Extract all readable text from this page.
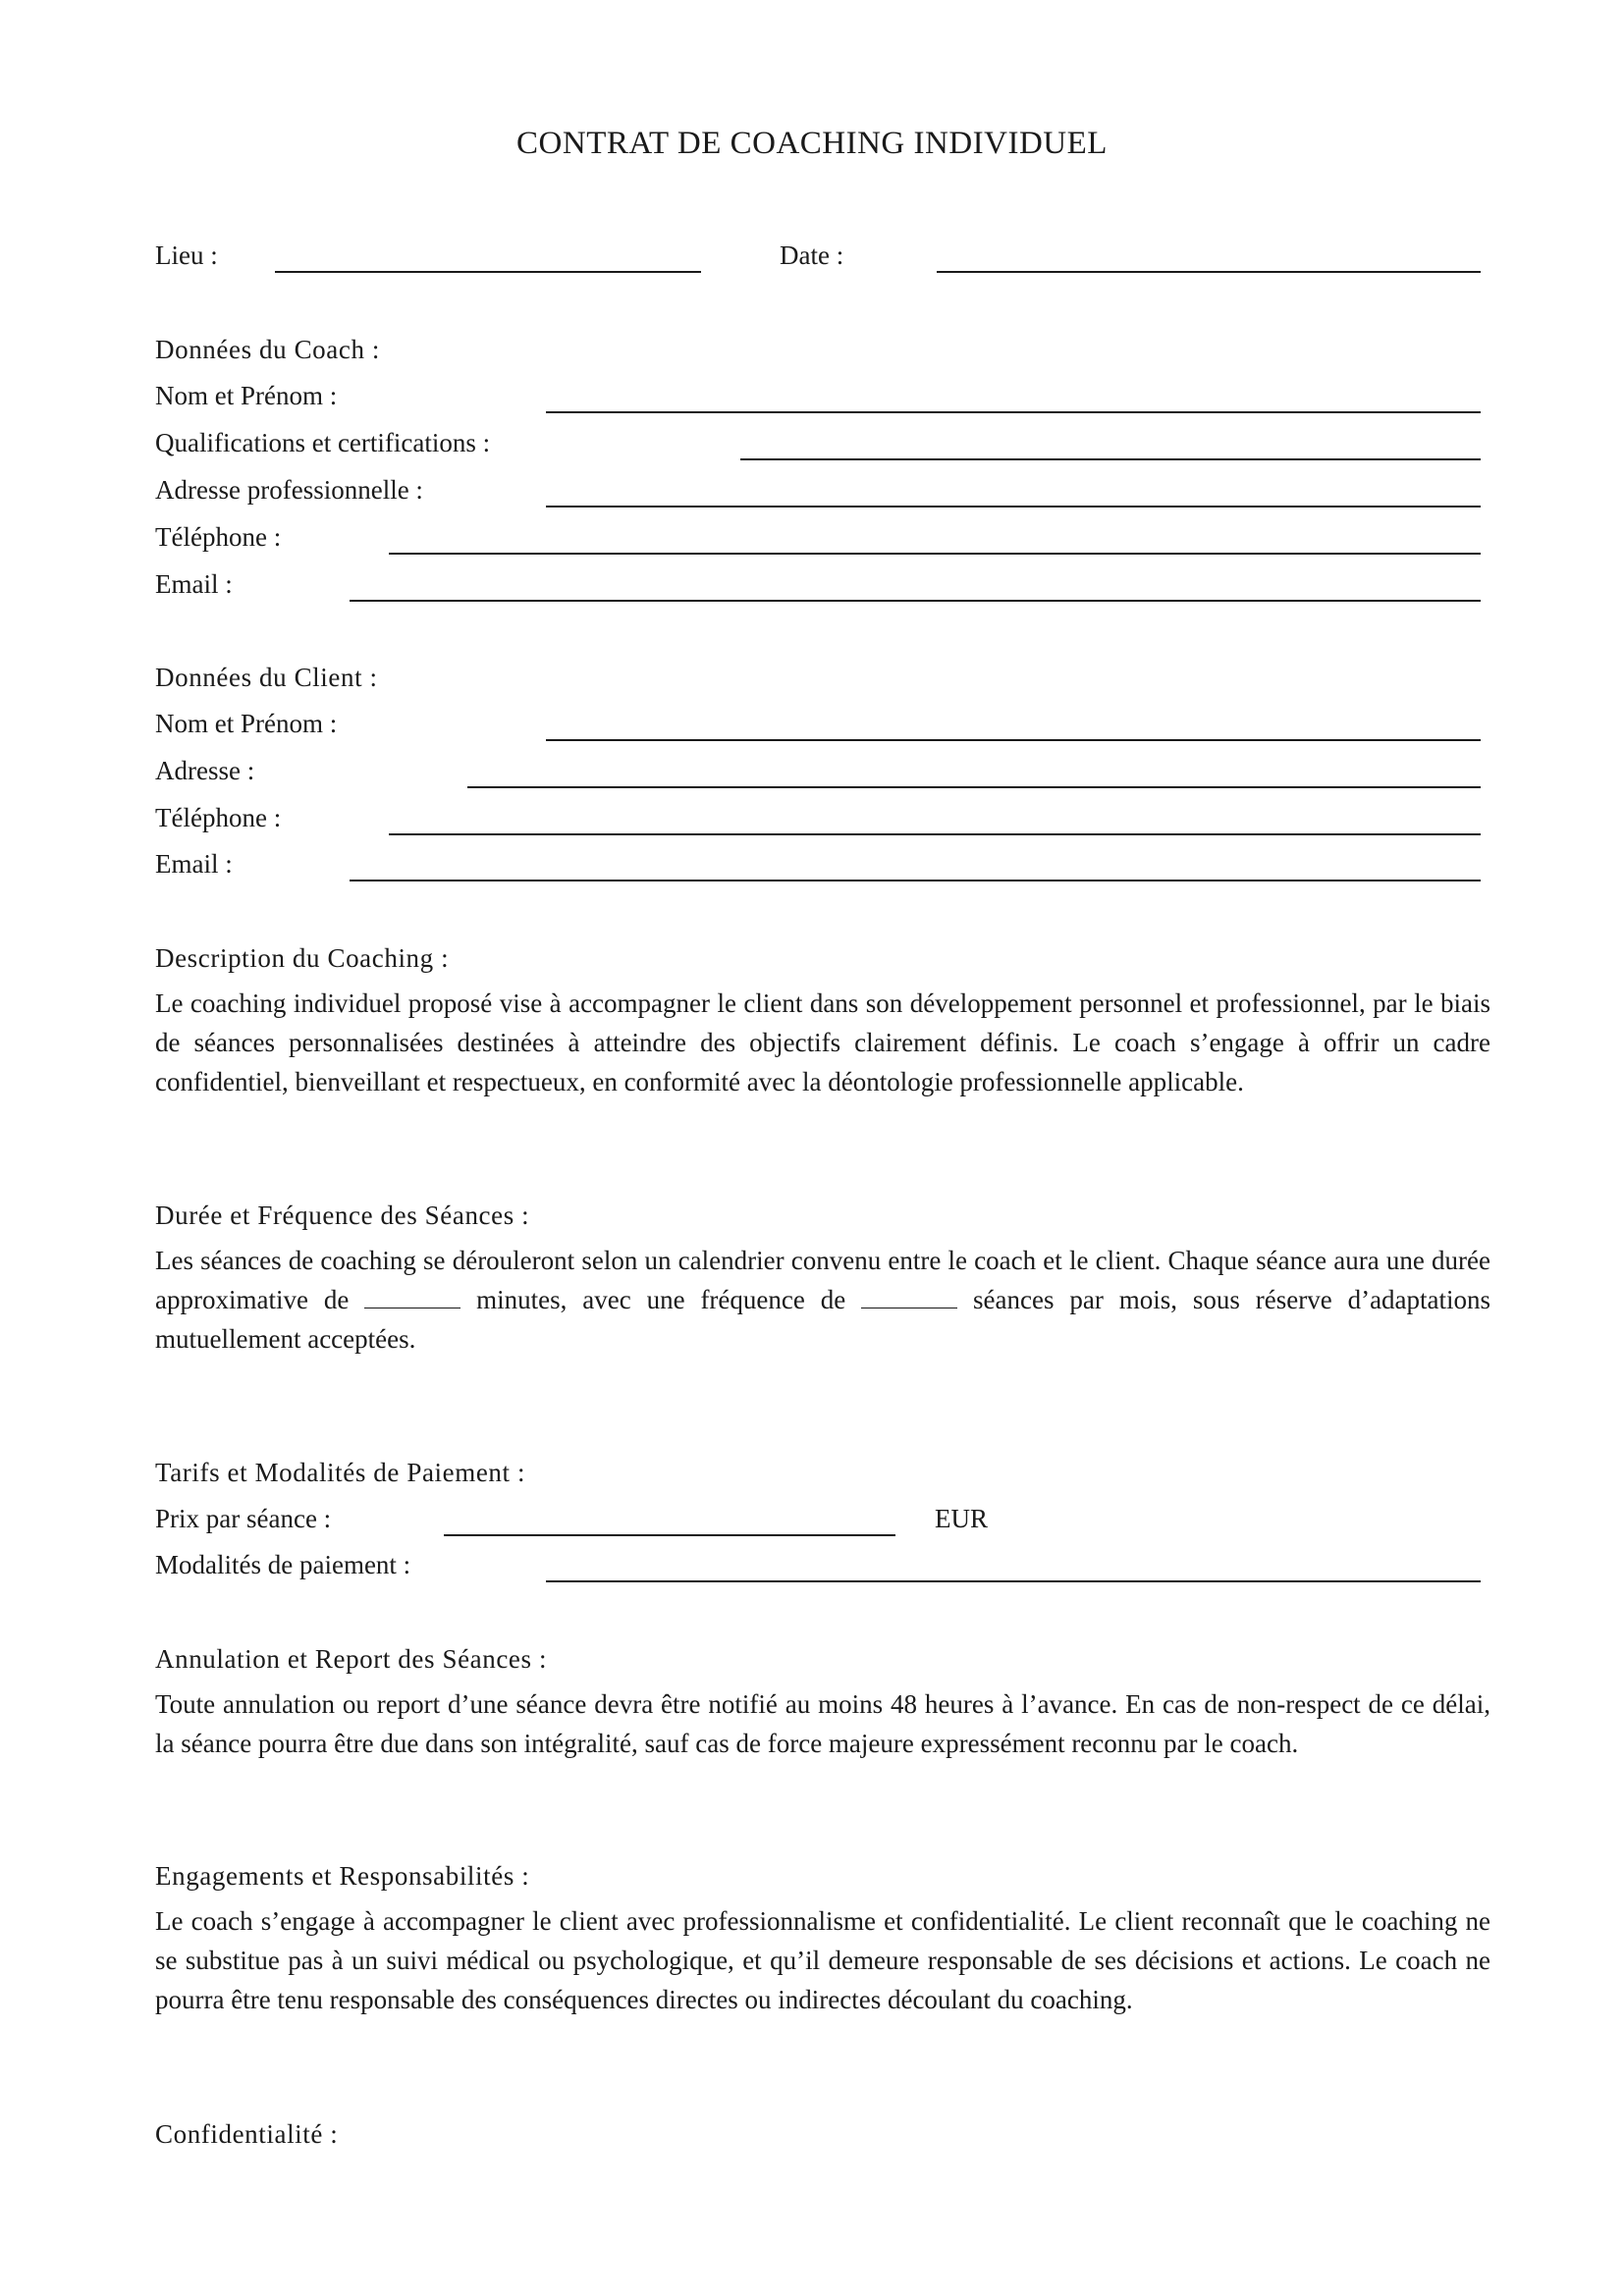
CONTRAT DE COACHING INDIVIDUEL
Lieu :	Date :
Données du Coach :
Nom et Prénom :
Qualifications et certifications :
Adresse professionnelle :
Téléphone :
Email :
Données du Client :
Nom et Prénom :
Adresse :
Téléphone :
Email :
Description du Coaching :
Le coaching individuel proposé vise à accompagner le client dans son développement personnel et professionnel, par le biais de séances personnalisées destinées à atteindre des objectifs clairement définis. Le coach s’engage à offrir un cadre confidentiel, bienveillant et respectueux, en conformité avec la déontologie professionnelle applicable.
Durée et Fréquence des Séances :
Les séances de coaching se dérouleront selon un calendrier convenu entre le coach et le client. Chaque séance aura une durée approximative de	minutes, avec une fréquence de	séances par mois, sous réserve d’adaptations mutuellement acceptées.
Tarifs et Modalités de Paiement :
Prix par séance :	EUR
Modalités de paiement :
Annulation et Report des Séances :
Toute annulation ou report d’une séance devra être notifié au moins 48 heures à l’avance. En cas de non-respect de ce délai, la séance pourra être due dans son intégralité, sauf cas de force majeure expressément reconnu par le coach.
Engagements et Responsabilités :
Le coach s’engage à accompagner le client avec professionnalisme et confidentialité. Le client reconnaît que le coaching ne se substitue pas à un suivi médical ou psychologique, et qu’il demeure responsable de ses décisions et actions. Le coach ne pourra être tenu responsable des conséquences directes ou indirectes découlant du coaching.
Confidentialité :
